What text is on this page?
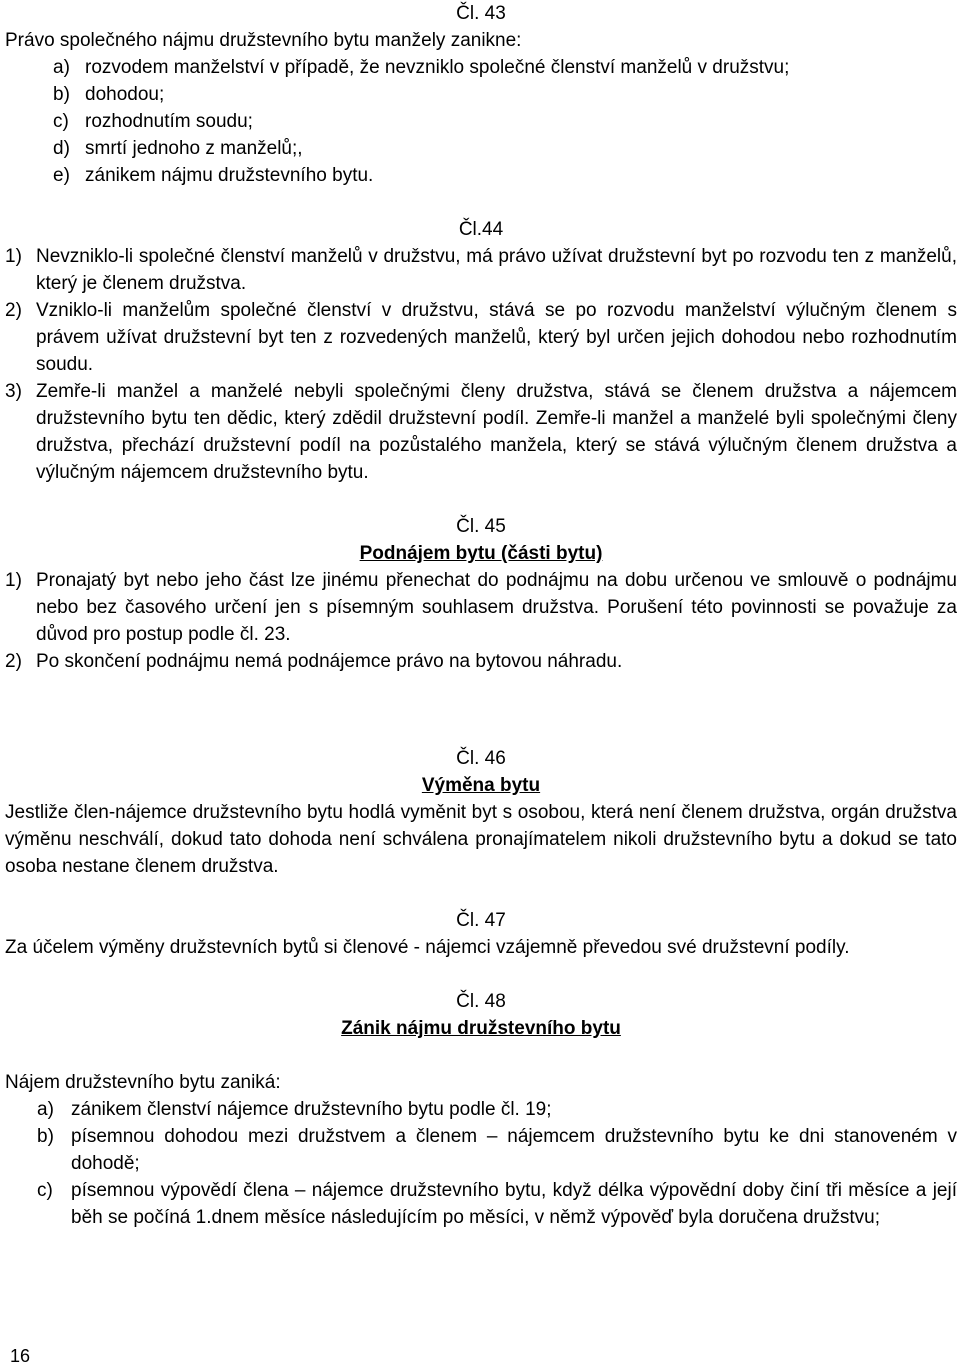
Čl. 43

Právo společného nájmu družstevního bytu manžely zanikne:

a) rozvodem manželství v případě, že nevzniklo společné členství manželů v družstvu;
b) dohodou;
c) rozhodnutím soudu;
d) smrtí jednoho z manželů;,
e) zánikem nájmu družstevního bytu.

Čl.44

1) Nevzniklo-li společné členství manželů v družstvu, má právo užívat družstevní byt po rozvodu ten z manželů, který je členem družstva.
2) Vzniklo-li manželům společné členství v družstvu, stává se po rozvodu manželství výlučným členem s právem užívat družstevní byt ten z rozvedených manželů, který byl určen jejich dohodou nebo rozhodnutím soudu.
3) Zemře-li manžel a manželé nebyli společnými členy družstva, stává se členem družstva a nájemcem družstevního bytu ten dědic, který zdědil družstevní podíl. Zemře-li manžel a manželé byli společnými členy družstva, přechází družstevní podíl na pozůstalého manžela, který se stává výlučným členem družstva a výlučným nájemcem družstevního bytu.

Čl. 45

Podnájem bytu (části bytu)

1) Pronajatý byt nebo jeho část lze jinému přenechat do podnájmu na dobu určenou ve smlouvě o podnájmu nebo bez časového určení jen s písemným souhlasem družstva. Porušení této povinnosti se považuje za důvod pro postup podle čl. 23.
2) Po skončení podnájmu nemá podnájemce právo na bytovou náhradu.

Čl. 46

Výměna bytu

Jestliže člen-nájemce družstevního bytu hodlá vyměnit byt s osobou, která není členem družstva, orgán družstva výměnu neschválí, dokud tato dohoda není schválena pronajímatelem nikoli družstevního bytu a dokud se tato osoba nestane členem družstva.

Čl. 47

Za účelem výměny družstevních bytů si členové - nájemci vzájemně převedou své družstevní podíly.

Čl. 48

Zánik nájmu družstevního bytu

Nájem družstevního bytu zaniká:

a) zánikem členství nájemce družstevního bytu podle čl. 19;
b) písemnou dohodou mezi družstvem a členem – nájemcem družstevního bytu ke dni stanoveném v dohodě;
c) písemnou výpovědí člena – nájemce družstevního bytu, když délka výpovědní doby činí tři měsíce a její běh se počíná 1.dnem měsíce následujícím po měsíci, v němž výpověď byla doručena družstvu;
16
